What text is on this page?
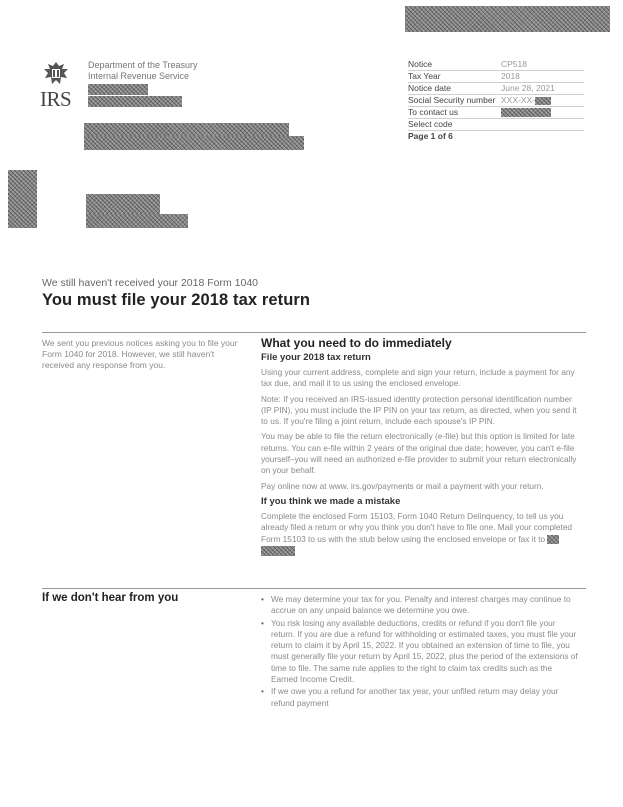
IRS
Department of the Treasury
Internal Revenue Service
Notice	CP518
Tax Year	2018
Notice date	June 28, 2021
Social Security number	XXX-XX-
To contact us	
Select code	
Page 1 of 6	
We still haven't received your 2018 Form 1040
You must file your 2018 tax return
We sent you previous notices asking you to file your Form 1040 for 2018. However, we still haven't received any response from you.
What you need to do immediately
File your 2018 tax return
Using your current address, complete and sign your return, include a payment for any tax due, and mail it to us using the enclosed envelope.
Note: If you received an IRS-issued identity protection personal identification number (IP PIN), you must include the IP PIN on your tax return, as directed, when you send it to us. If you're filing a joint return, include each spouse's IP PIN.
You may be able to file the return electronically (e-file) but this option is limited for late returns. You can e-file within 2 years of the original due date; however, you can't e-file yourself–you will need an authorized e-file provider to submit your return electronically on your behalf.
Pay online now at www. irs.gov/payments or mail a payment with your return.
If you think we made a mistake
Complete the enclosed Form 15103, Form 1040 Return Delinquency, to tell us you already filed a return or why you think you don't have to file one. Mail your completed Form 15103 to us with the stub below using the enclosed envelope or fax it to

If we don't hear from you	• We may determine your tax for you. Penalty and interest charges may continue to accrue on any unpaid balance we determine you owe.
• You risk losing any available deductions, credits or refund if you don't file your return. If you are due a refund for withholding or estimated taxes, you must file your return to claim it by April 15, 2022. If you obtained an extension of time to file, you must generally file your return by April 15, 2022, plus the period of the extensions of time to file. The same rule applies to the right to claim tax credits such as the Earned Income Credit.
• If we owe you a refund for another tax year, your unfiled return may delay your refund payment
